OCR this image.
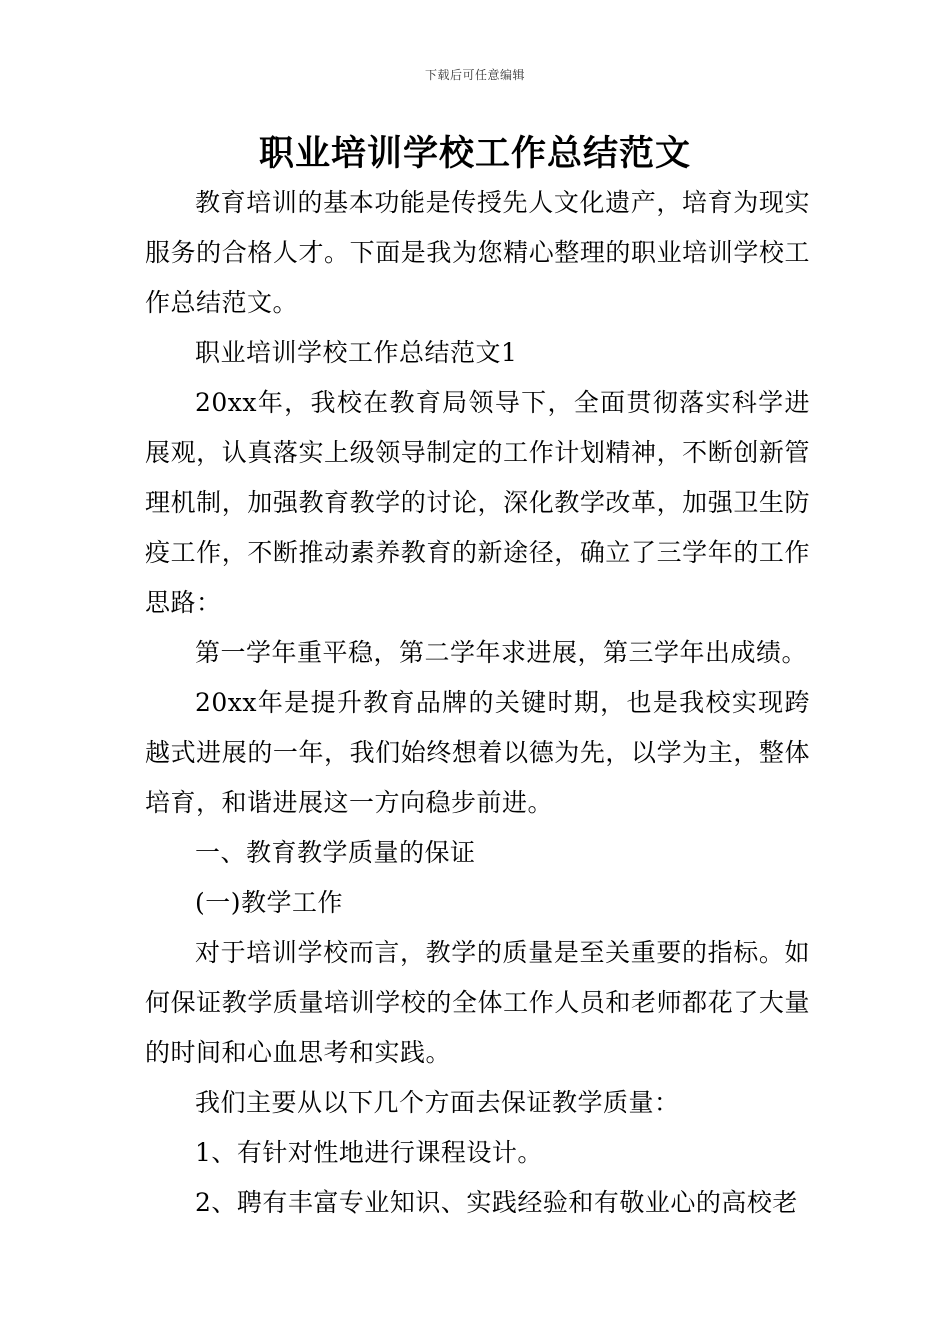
下载后可任意编辑
职业培训学校工作总结范文

教育培训的基本功能是传授先人文化遗产，培育为现实服务的合格人才。下面是我为您精心整理的职业培训学校工作总结范文。

职业培训学校工作总结范文1

20xx年，我校在教育局领导下，全面贯彻落实科学进展观，认真落实上级领导制定的工作计划精神，不断创新管理机制，加强教育教学的讨论，深化教学改革，加强卫生防疫工作，不断推动素养教育的新途径，确立了三学年的工作思路：

第一学年重平稳，第二学年求进展，第三学年出成绩。

20xx年是提升教育品牌的关键时期，也是我校实现跨越式进展的一年，我们始终想着以德为先，以学为主，整体培育，和谐进展这一方向稳步前进。

一、教育教学质量的保证

(一)教学工作

对于培训学校而言，教学的质量是至关重要的指标。如何保证教学质量培训学校的全体工作人员和老师都花了大量的时间和心血思考和实践。

我们主要从以下几个方面去保证教学质量：

1、有针对性地进行课程设计。

2、聘有丰富专业知识、实践经验和有敬业心的高校老
